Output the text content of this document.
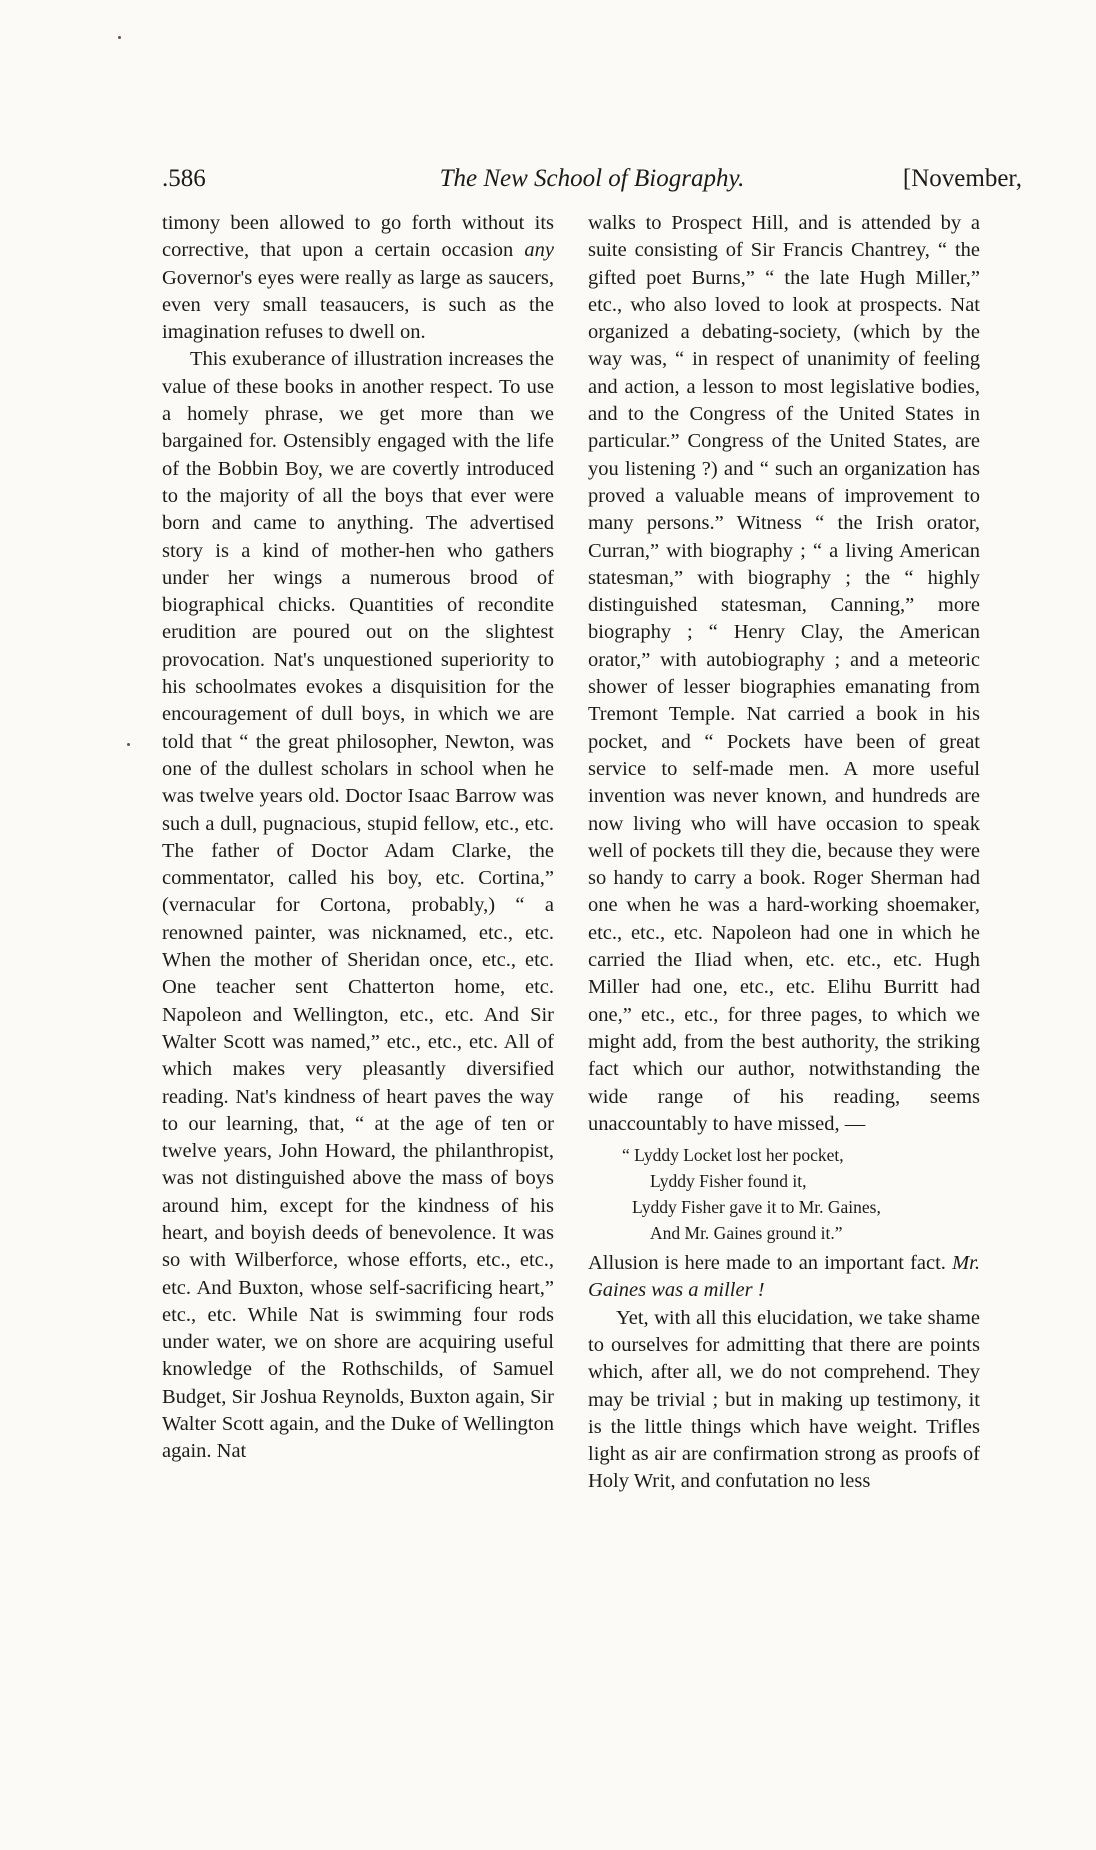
.586	The New School of Biography.	[November,

timony been allowed to go forth without its corrective, that upon a certain occasion any Governor's eyes were really as large as saucers, even very small teasaucers, is such as the imagination refuses to dwell on.

This exuberance of illustration increases the value of these books in another respect. To use a homely phrase, we get more than we bargained for. Ostensibly engaged with the life of the Bobbin Boy, we are covertly introduced to the majority of all the boys that ever were born and came to anything. The advertised story is a kind of mother-hen who gathers under her wings a numerous brood of biographical chicks. Quantities of recondite erudition are poured out on the slightest provocation. Nat's unquestioned superiority to his schoolmates evokes a disquisition for the encouragement of dull boys, in which we are told that “ the great philosopher, Newton, was one of the dullest scholars in school when he was twelve years old. Doctor Isaac Barrow was such a dull, pugnacious, stupid fellow, etc., etc. The father of Doctor Adam Clarke, the commentator, called his boy, etc. Cortina,” (vernacular for Cortona, probably,) “ a renowned painter, was nicknamed, etc., etc. When the mother of Sheridan once, etc., etc. One teacher sent Chatterton home, etc. Napoleon and Wellington, etc., etc. And Sir Walter Scott was named,” etc., etc., etc. All of which makes very pleasantly diversified reading. Nat's kindness of heart paves the way to our learning, that, “ at the age of ten or twelve years, John Howard, the philanthropist, was not distinguished above the mass of boys around him, except for the kindness of his heart, and boyish deeds of benevolence. It was so with Wilberforce, whose efforts, etc., etc., etc. And Buxton, whose self-sacrificing heart,” etc., etc. While Nat is swimming four rods under water, we on shore are acquiring useful knowledge of the Rothschilds, of Samuel Budget, Sir Joshua Reynolds, Buxton again, Sir Walter Scott again, and the Duke of Wellington again. Nat

walks to Prospect Hill, and is attended by a suite consisting of Sir Francis Chantrey, “ the gifted poet Burns,” “ the late Hugh Miller,” etc., who also loved to look at prospects. Nat organized a debating-society, (which by the way was, “ in respect of unanimity of feeling and action, a lesson to most legislative bodies, and to the Congress of the United States in particular.” Congress of the United States, are you listening ?) and “ such an organization has proved a valuable means of improvement to many persons.” Witness “ the Irish orator, Curran,” with biography ; “ a living American statesman,” with biography ; the “ highly distinguished statesman, Canning,” more biography ; “ Henry Clay, the American orator,” with autobiography ; and a meteoric shower of lesser biographies emanating from Tremont Temple. Nat carried a book in his pocket, and “ Pockets have been of great service to self-made men. A more useful invention was never known, and hundreds are now living who will have occasion to speak well of pockets till they die, because they were so handy to carry a book. Roger Sherman had one when he was a hard-working shoemaker, etc., etc., etc. Napoleon had one in which he carried the Iliad when, etc. etc., etc. Hugh Miller had one, etc., etc. Elihu Burritt had one,” etc., etc., for three pages, to which we might add, from the best authority, the striking fact which our author, notwithstanding the wide range of his reading, seems unaccountably to have missed, —

“ Lyddy Locket lost her pocket,
Lyddy Fisher found it,
Lyddy Fisher gave it to Mr. Gaines,
And Mr. Gaines ground it.”

Allusion is here made to an important fact. Mr. Gaines was a miller !

Yet, with all this elucidation, we take shame to ourselves for admitting that there are points which, after all, we do not comprehend. They may be trivial ; but in making up testimony, it is the little things which have weight. Trifles light as air are confirmation strong as proofs of Holy Writ, and confutation no less
